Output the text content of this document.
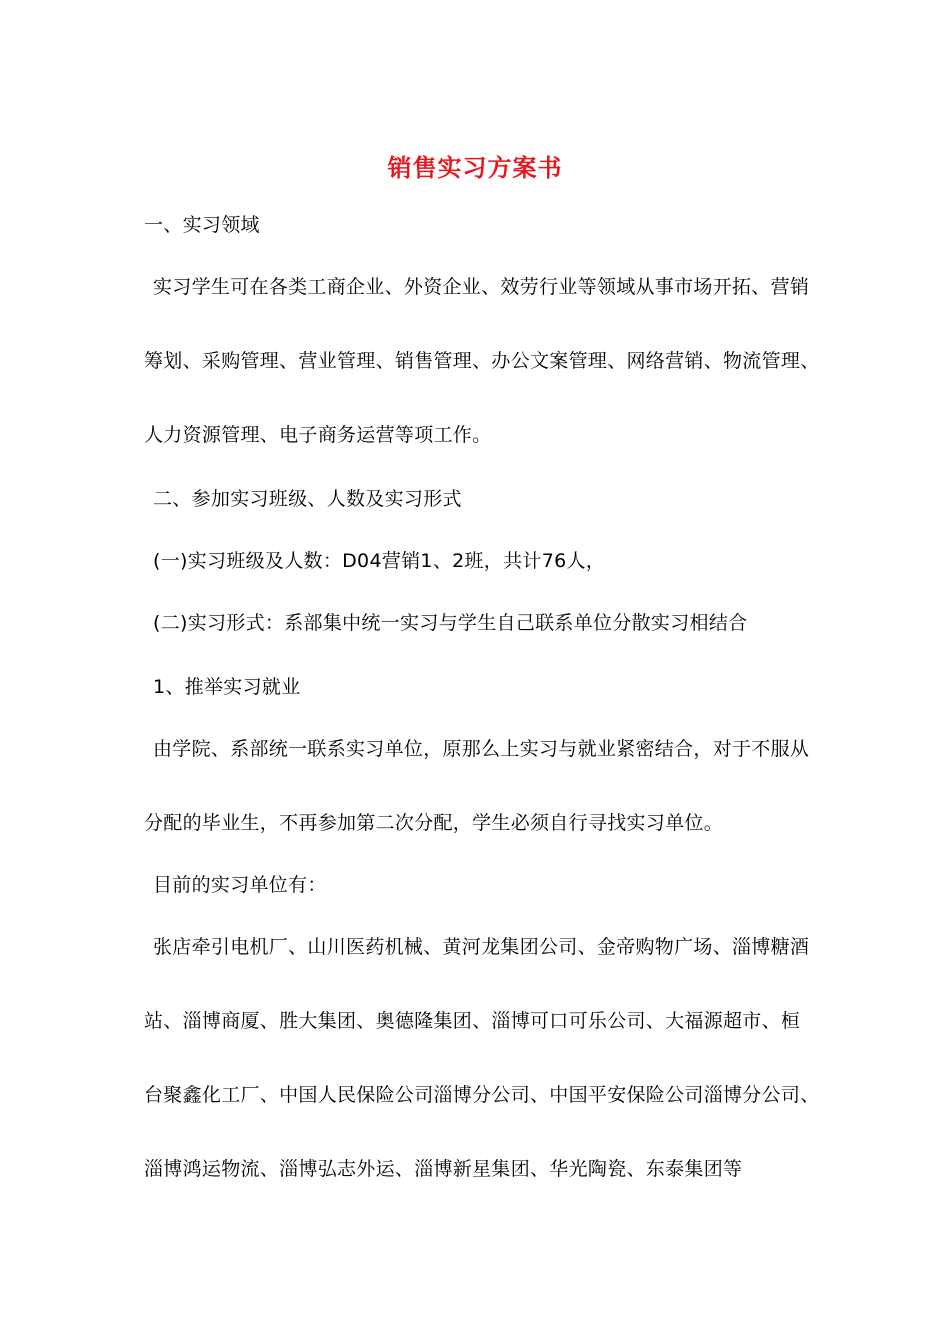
销售实习方案书
一、实习领域
实习学生可在各类工商企业、外资企业、效劳行业等领域从事市场开拓、营销
筹划、采购管理、营业管理、销售管理、办公文案管理、网络营销、物流管理、
人力资源管理、电子商务运营等项工作。
二、参加实习班级、人数及实习形式
(一)实习班级及人数：D04营销1、2班，共计76人，
(二)实习形式：系部集中统一实习与学生自己联系单位分散实习相结合
1、推举实习就业
由学院、系部统一联系实习单位，原那么上实习与就业紧密结合，对于不服从
分配的毕业生，不再参加第二次分配，学生必须自行寻找实习单位。
目前的实习单位有：
张店牵引电机厂、山川医药机械、黄河龙集团公司、金帝购物广场、淄博糖酒
站、淄博商厦、胜大集团、奥德隆集团、淄博可口可乐公司、大福源超市、桓
台聚鑫化工厂、中国人民保险公司淄博分公司、中国平安保险公司淄博分公司、
淄博鸿运物流、淄博弘志外运、淄博新星集团、华光陶瓷、东泰集团等
